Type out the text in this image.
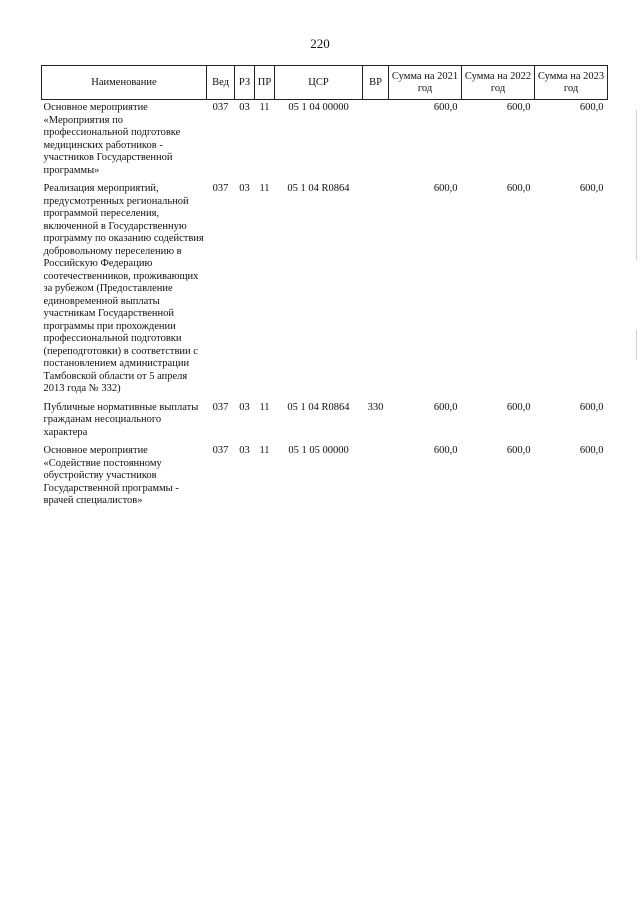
220
Наименование	Вед	РЗ	ПР	ЦСР	ВР	Сумма на 2021 год	Сумма на 2022 год	Сумма на 2023 год
Основное мероприятие «Мероприятия по профессиональной подготовке медицинских работников - участников Государственной программы»	037	03	11	05 1 04 00000		600,0	600,0	600,0
Реализация мероприятий, предусмотренных региональной программой переселения, включенной в Государственную программу по оказанию содействия добровольному переселению в Российскую Федерацию соотечественников, проживающих за рубежом (Предоставление единовременной выплаты участникам Государственной программы при прохождении профессиональной подготовки (переподготовки) в соответствии с постановлением администрации Тамбовской области от 5 апреля 2013 года № 332)	037	03	11	05 1 04 R0864		600,0	600,0	600,0
Публичные нормативные выплаты гражданам несоциального характера	037	03	11	05 1 04 R0864	330	600,0	600,0	600,0
Основное мероприятие «Содействие постоянному обустройству участников Государственной программы - врачей специалистов»	037	03	11	05 1 05 00000		600,0	600,0	600,0
